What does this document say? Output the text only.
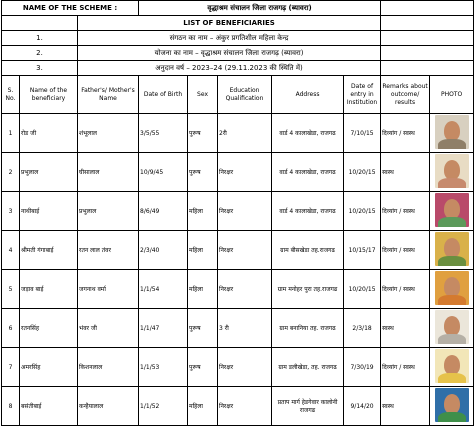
NAME OF THE SCHEME :			वृद्धाश्रम संचालन जिला राजगढ़ (ब्यावरा)						
		LIST OF BENEFICIARIES							
1.		संगठन का नाम – अंकुर प्रगतिशील महिला केन्द्र							
2.		योजना का नाम – वृद्धाश्रम संचालन जिला राजगढ़ (ब्यावरा)							
3.		अनुदान वर्ष – 2023–24 (29.11.2023 की स्थिति में)							
S. No.	Name of the beneficiary	Father's/ Mother's Name	Date of Birth	Sex	Education Qualification	Address	Date of entry in Institution	Remarks about outcome/ results	PHOTO
1	रोड जी	शंभूलाल	3/5/55	पुरूष	2री	वार्ड 4 कालाखेडा, राजगढ	7/10/15	दिव्यांग / स्वस्थ	

2	प्रभुलाल	घीसालाल	10/9/45	पुरूष	निरक्षर	वार्ड 4 कालाखेडा, राजगढ	10/20/15	स्वस्थ	

3	नाथीबाई	प्रभुलाल	8/6/49	महिला	निरक्षर	वार्ड 4 कालाखेडा, राजगढ	10/20/15	दिव्यांग / स्वस्थ	

4	श्रीमती गंगाबाई	रतन लाल तंवर	2/3/40	महिला	निरक्षर	ग्राम बीसखेडा तह.राजगढ	10/15/17	दिव्यांग / स्वस्थ	

5	जड़ाव बाई	जगनाथ वर्मा	1/1/54	महिला	निरक्षर	ग्राम मनोहर पुरा तह.राजगढ	10/20/15	दिव्यांग / स्वस्थ	

6	रतनसिंह	भंवर जी	1/1/47	पुरूष	3 री	ग्राम बनानिया तह. राजगढ	2/3/18	स्वस्थ	

7	अमरसिंह	किशनलाल	1/1/53	पुरूष	निरक्षर	ग्राम डलीखेडा, तह. राजगढ	7/30/19	दिव्यांग / स्वस्थ	

8	बसंतीबाई	कन्हैयालाल	1/1/52	महिला	निरक्षर	प्रताप मार्ग हेडगेवार कालोनी राजगढ	9/14/20	स्वस्थ	
